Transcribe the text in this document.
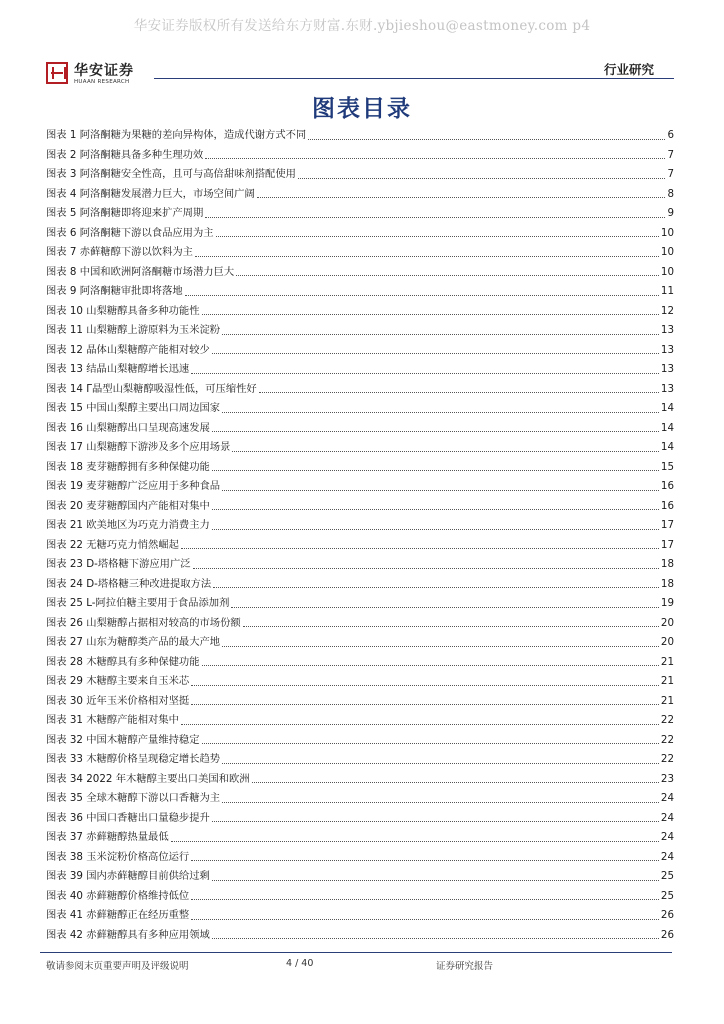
华安证券版权所有发送给东方财富.东财.ybjieshou@eastmoney.com p4
华安证券
HUAAN RESEARCH
行业研究
图表目录
图表 1 阿洛酮糖为果糖的差向异构体，造成代谢方式不同	6
图表 2 阿洛酮糖具备多种生理功效	7
图表 3 阿洛酮糖安全性高，且可与高倍甜味剂搭配使用	7
图表 4 阿洛酮糖发展潜力巨大，市场空间广阔	8
图表 5 阿洛酮糖即将迎来扩产周期	9
图表 6 阿洛酮糖下游以食品应用为主	10
图表 7 赤藓糖醇下游以饮料为主	10
图表 8 中国和欧洲阿洛酮糖市场潜力巨大	10
图表 9 阿洛酮糖审批即将落地	11
图表 10 山梨糖醇具备多种功能性	12
图表 11 山梨糖醇上游原料为玉米淀粉	13
图表 12 晶体山梨糖醇产能相对较少	13
图表 13 结晶山梨糖醇增长迅速	13
图表 14 Γ晶型山梨糖醇吸湿性低，可压缩性好	13
图表 15 中国山梨醇主要出口周边国家	14
图表 16 山梨糖醇出口呈现高速发展	14
图表 17 山梨糖醇下游涉及多个应用场景	14
图表 18 麦芽糖醇拥有多种保健功能	15
图表 19 麦芽糖醇广泛应用于多种食品	16
图表 20 麦芽糖醇国内产能相对集中	16
图表 21 欧美地区为巧克力消费主力	17
图表 22 无糖巧克力悄然崛起	17
图表 23 D-塔格糖下游应用广泛	18
图表 24 D-塔格糖三种改进提取方法	18
图表 25 L-阿拉伯糖主要用于食品添加剂	19
图表 26 山梨糖醇占据相对较高的市场份额	20
图表 27 山东为糖醇类产品的最大产地	20
图表 28 木糖醇具有多种保健功能	21
图表 29 木糖醇主要来自玉米芯	21
图表 30 近年玉米价格相对坚挺	21
图表 31 木糖醇产能相对集中	22
图表 32 中国木糖醇产量维持稳定	22
图表 33 木糖醇价格呈现稳定增长趋势	22
图表 34 2022 年木糖醇主要出口美国和欧洲	23
图表 35 全球木糖醇下游以口香糖为主	24
图表 36 中国口香糖出口量稳步提升	24
图表 37 赤藓糖醇热量最低	24
图表 38 玉米淀粉价格高位运行	24
图表 39 国内赤藓糖醇目前供给过剩	25
图表 40 赤藓糖醇价格维持低位	25
图表 41 赤藓糖醇正在经历重整	26
图表 42 赤藓糖醇具有多种应用领域	26
敬请参阅末页重要声明及评级说明	4 / 40	证券研究报告
